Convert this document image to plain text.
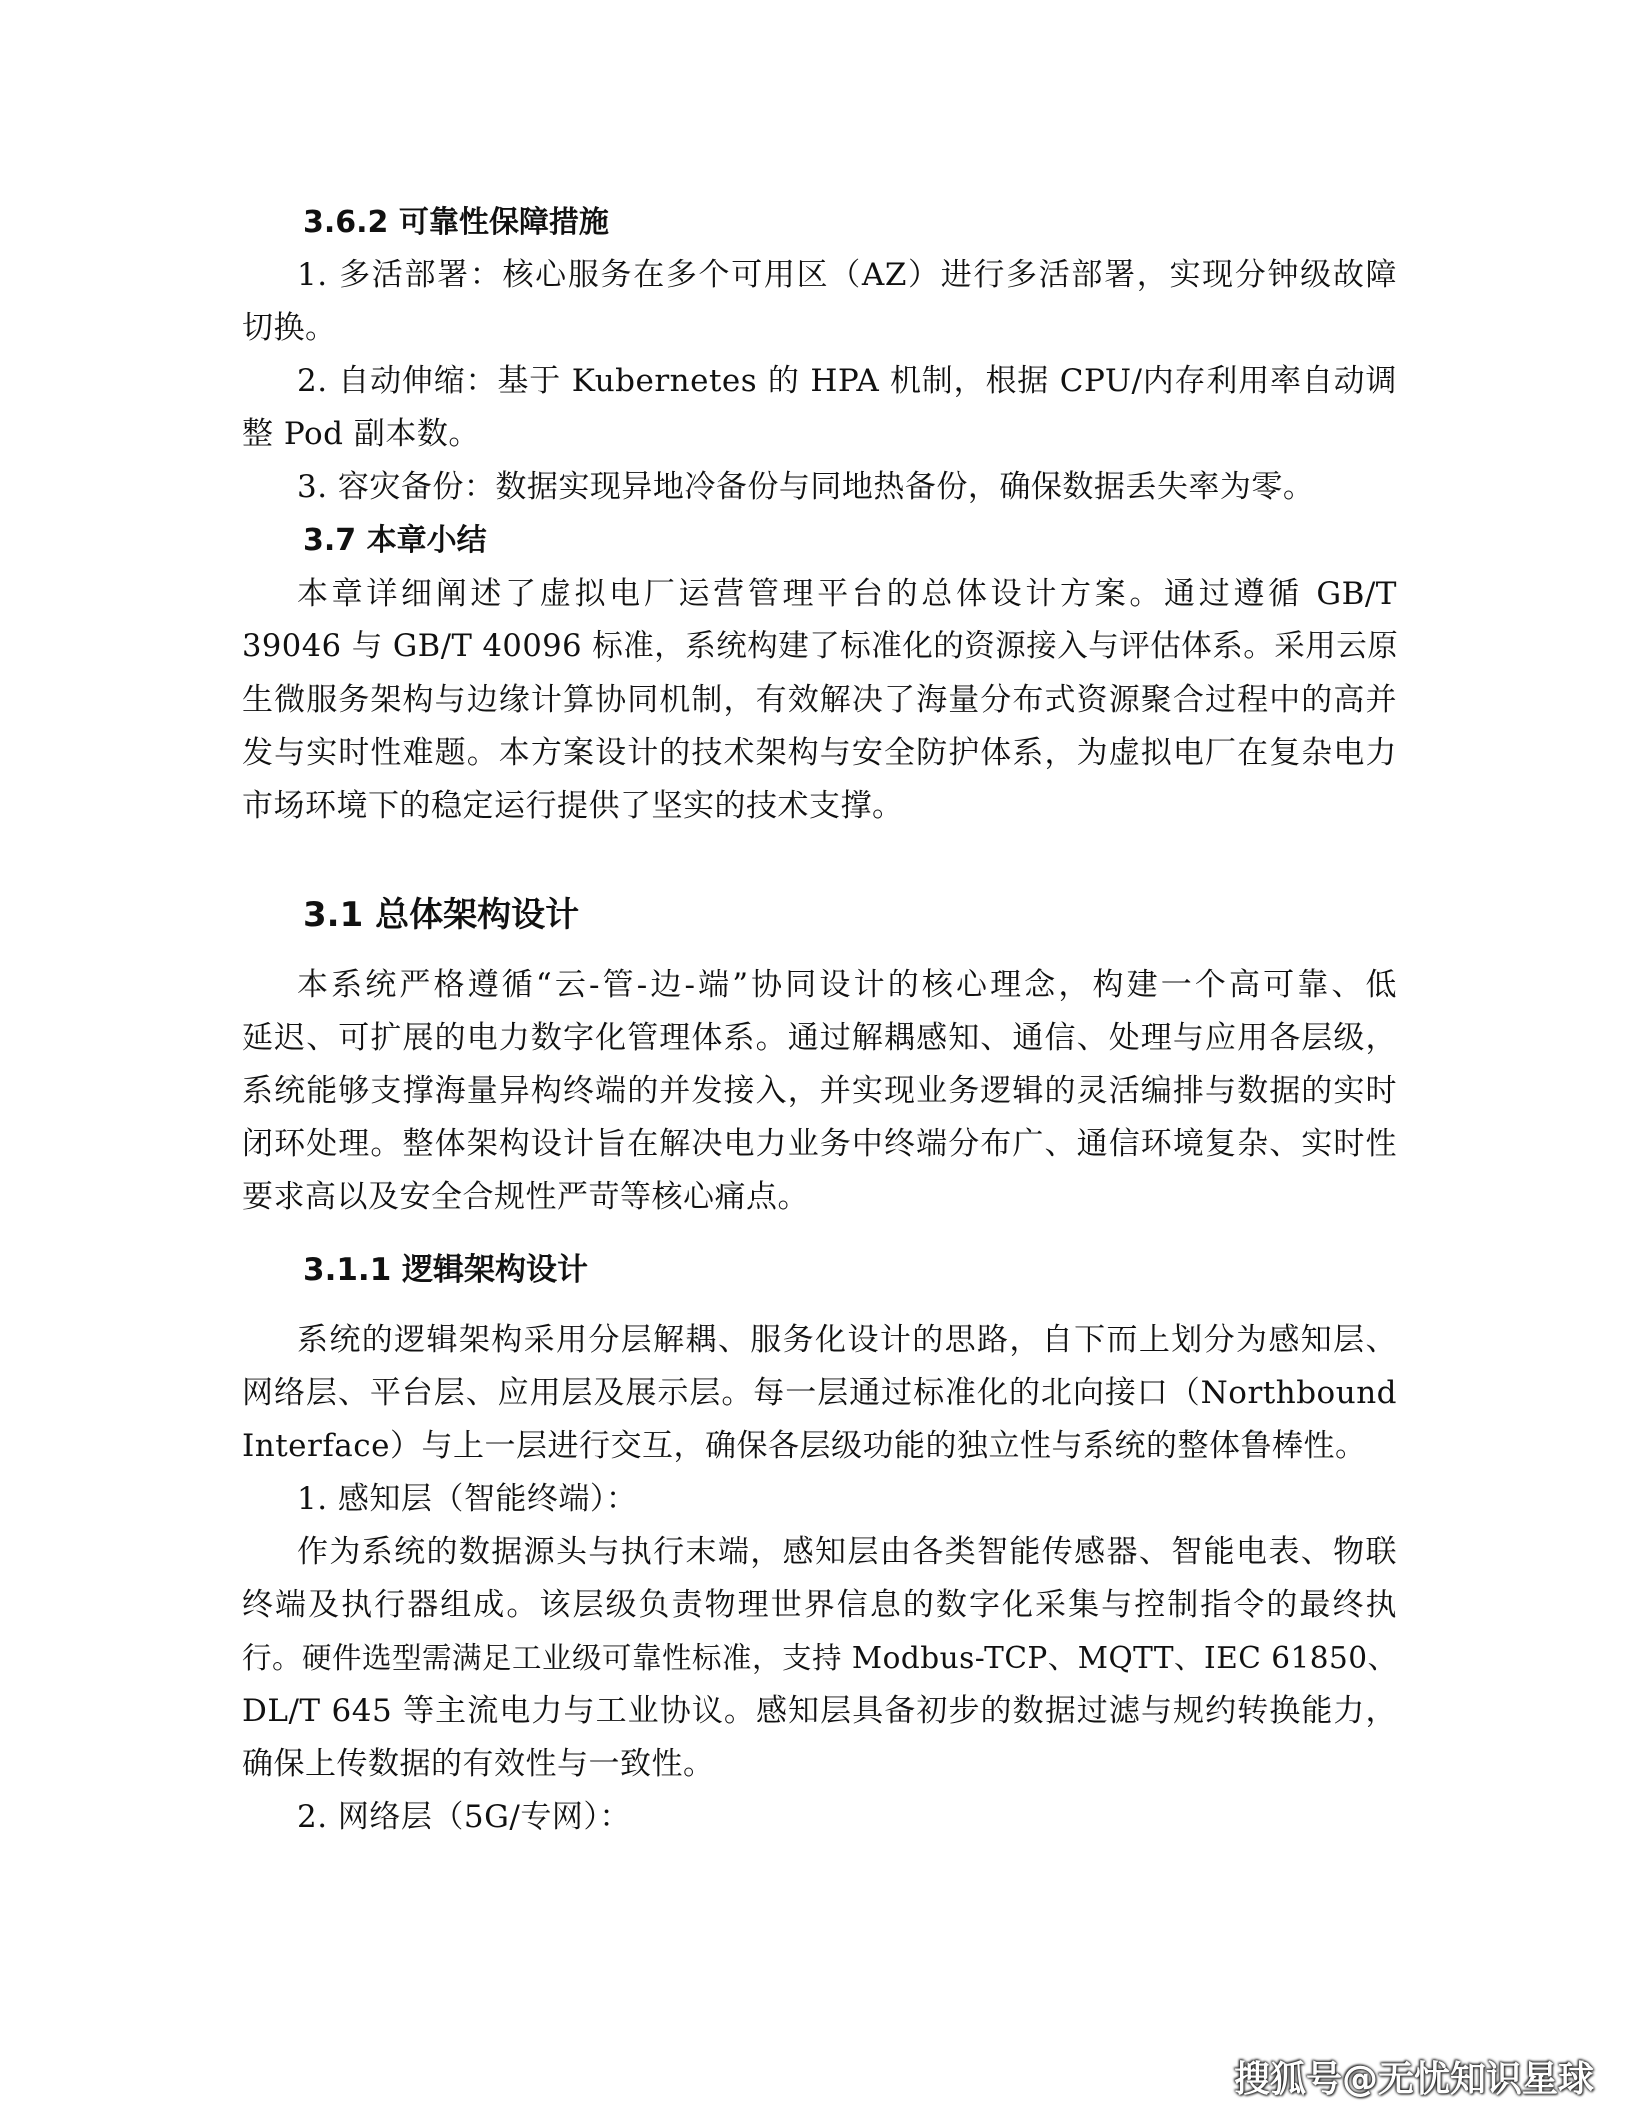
3.6.2 可靠性保障措施
1. 多活部署：核心服务在多个可用区（AZ）进行多活部署，实现分钟级故障
切换。
2. 自动伸缩：基于 Kubernetes 的 HPA 机制，根据 CPU/内存利用率自动调
整 Pod 副本数。
3. 容灾备份：数据实现异地冷备份与同地热备份，确保数据丢失率为零。
3.7 本章小结
本章详细阐述了虚拟电厂运营管理平台的总体设计方案。通过遵循 GB/T
39046 与 GB/T 40096 标准，系统构建了标准化的资源接入与评估体系。采用云原
生微服务架构与边缘计算协同机制，有效解决了海量分布式资源聚合过程中的高并
发与实时性难题。本方案设计的技术架构与安全防护体系，为虚拟电厂在复杂电力
市场环境下的稳定运行提供了坚实的技术支撑。
3.1 总体架构设计
本系统严格遵循“云-管-边-端”协同设计的核心理念，构建一个高可靠、低
延迟、可扩展的电力数字化管理体系。通过解耦感知、通信、处理与应用各层级，
系统能够支撑海量异构终端的并发接入，并实现业务逻辑的灵活编排与数据的实时
闭环处理。整体架构设计旨在解决电力业务中终端分布广、通信环境复杂、实时性
要求高以及安全合规性严苛等核心痛点。
3.1.1 逻辑架构设计
系统的逻辑架构采用分层解耦、服务化设计的思路，自下而上划分为感知层、
网络层、平台层、应用层及展示层。每一层通过标准化的北向接口（Northbound
Interface）与上一层进行交互，确保各层级功能的独立性与系统的整体鲁棒性。
1. 感知层（智能终端）：
作为系统的数据源头与执行末端，感知层由各类智能传感器、智能电表、物联
终端及执行器组成。该层级负责物理世界信息的数字化采集与控制指令的最终执
行。硬件选型需满足工业级可靠性标准，支持 Modbus-TCP、MQTT、IEC 61850、
DL/T 645 等主流电力与工业协议。感知层具备初步的数据过滤与规约转换能力，
确保上传数据的有效性与一致性。
2. 网络层（5G/专网）：
搜狐号@无忧知识星球
